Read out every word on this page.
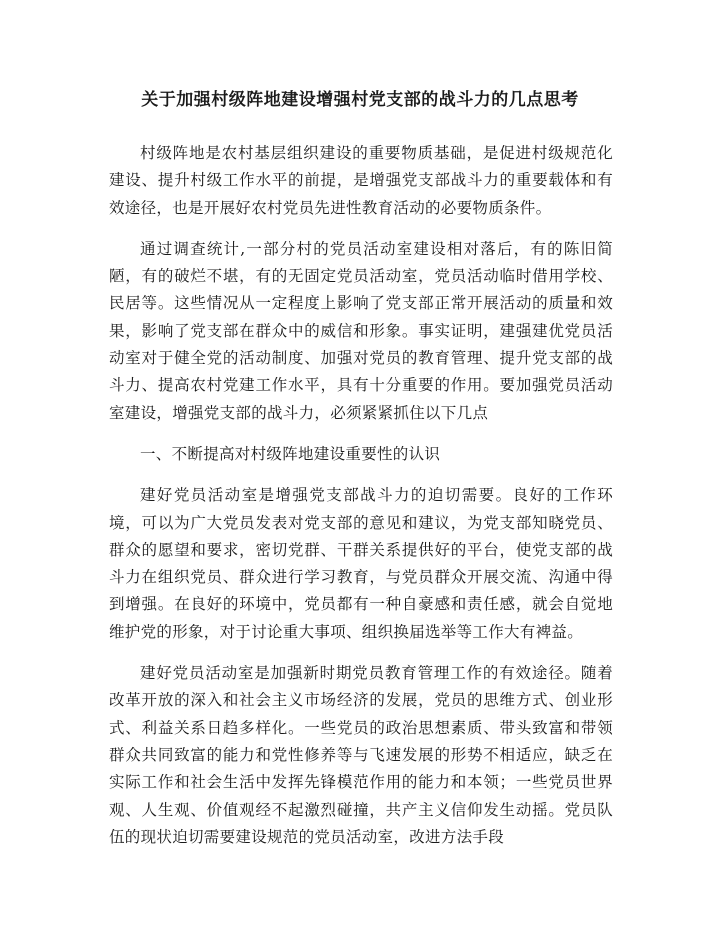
关于加强村级阵地建设增强村党支部的战斗力的几点思考

村级阵地是农村基层组织建设的重要物质基础，是促进村级规范化建设、提升村级工作水平的前提，是增强党支部战斗力的重要载体和有效途径，也是开展好农村党员先进性教育活动的必要物质条件。

通过调查统计,一部分村的党员活动室建设相对落后，有的陈旧简陋，有的破烂不堪，有的无固定党员活动室，党员活动临时借用学校、民居等。这些情况从一定程度上影响了党支部正常开展活动的质量和效果，影响了党支部在群众中的威信和形象。事实证明，建强建优党员活动室对于健全党的活动制度、加强对党员的教育管理、提升党支部的战斗力、提高农村党建工作水平，具有十分重要的作用。要加强党员活动室建设，增强党支部的战斗力，必须紧紧抓住以下几点

一、不断提高对村级阵地建设重要性的认识

建好党员活动室是增强党支部战斗力的迫切需要。良好的工作环境，可以为广大党员发表对党支部的意见和建议，为党支部知晓党员、群众的愿望和要求，密切党群、干群关系提供好的平台，使党支部的战斗力在组织党员、群众进行学习教育，与党员群众开展交流、沟通中得到增强。在良好的环境中，党员都有一种自豪感和责任感，就会自觉地维护党的形象，对于讨论重大事项、组织换届选举等工作大有裨益。

建好党员活动室是加强新时期党员教育管理工作的有效途径。随着改革开放的深入和社会主义市场经济的发展，党员的思维方式、创业形式、利益关系日趋多样化。一些党员的政治思想素质、带头致富和带领群众共同致富的能力和党性修养等与飞速发展的形势不相适应，缺乏在实际工作和社会生活中发挥先锋模范作用的能力和本领；一些党员世界观、人生观、价值观经不起激烈碰撞，共产主义信仰发生动摇。党员队伍的现状迫切需要建设规范的党员活动室，改进方法手段
